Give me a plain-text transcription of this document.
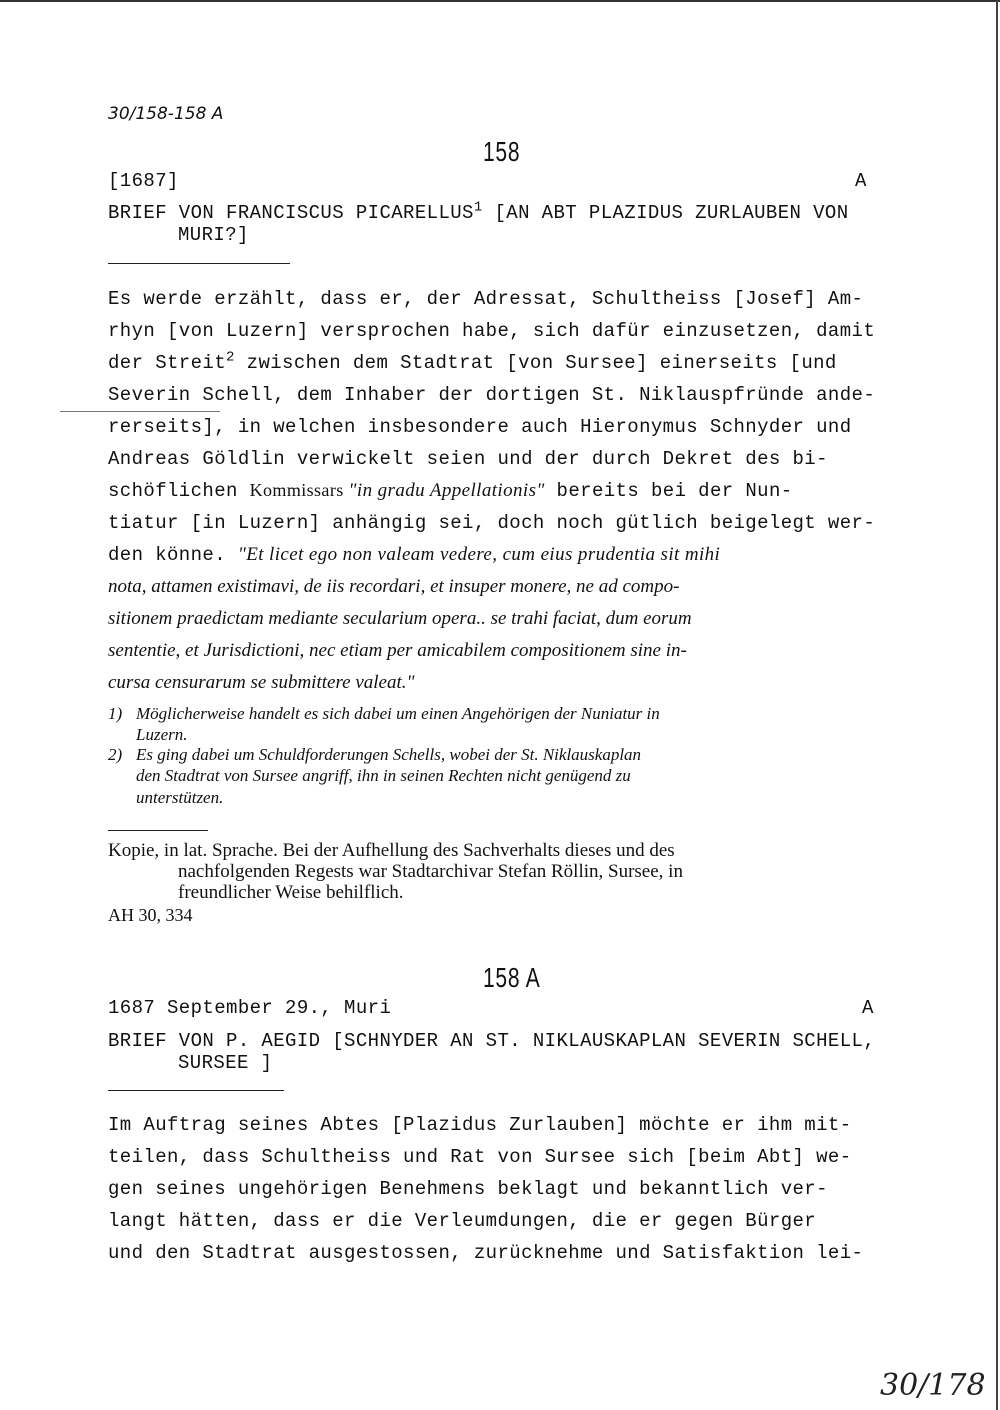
30/158-158 A
158
[1687]	A
BRIEF VON FRANCISCUS PICARELLUS$^1$ [AN ABT PLAZIDUS ZURLAUBEN VON
MURI?]
Es werde erzählt, dass er, der Adressat, Schultheiss [Josef] Am-
rhyn [von Luzern] versprochen habe, sich dafür einzusetzen, damit
der Streit$^2$ zwischen dem Stadtrat [von Sursee] einerseits [und
Severin Schell, dem Inhaber der dortigen St. Niklauspfründe ande-
rerseits], in welchen insbesondere auch Hieronymus Schnyder und
Andreas Göldlin verwickelt seien und der durch Dekret des bi-
schöflichen Kommissars "in gradu Appellationis" bereits bei der Nun-
tiatur [in Luzern] anhängig sei, doch noch gütlich beigelegt wer-
den könne. "Et licet ego non valeam vedere, cum eius prudentia sit mihi
nota, attamen existimavi, de iis recordari, et insuper monere, ne ad compo-
sitionem praedictam mediante secularium opera.. se trahi faciat, dum eorum
sententie, et Jurisdictioni, nec etiam per amicabilem compositionem sine in-
cursa censurarum se submittere valeat."
1) Möglicherweise handelt es sich dabei um einen Angehörigen der Nuniatur in
Luzern.
2) Es ging dabei um Schuldforderungen Schells, wobei der St. Niklauskaplan
den Stadtrat von Sursee angriff, ihn in seinen Rechten nicht genügend zu
unterstützen.
Kopie, in lat. Sprache. Bei der Aufhellung des Sachverhalts dieses und des
nachfolgenden Regests war Stadtarchivar Stefan Röllin, Sursee, in
freundlicher Weise behilflich.
AH 30, 334
158 A
1687 September 29., Muri	A
BRIEF VON P. AEGID [SCHNYDER AN ST. NIKLAUSKAPLAN SEVERIN SCHELL,
SURSEE ]
Im Auftrag seines Abtes [Plazidus Zurlauben] möchte er ihm mit-
teilen, dass Schultheiss und Rat von Sursee sich [beim Abt] we-
gen seines ungehörigen Benehmens beklagt und bekanntlich ver-
langt hätten, dass er die Verleumdungen, die er gegen Bürger
und den Stadtrat ausgestossen, zurücknehme und Satisfaktion lei-
30/178
